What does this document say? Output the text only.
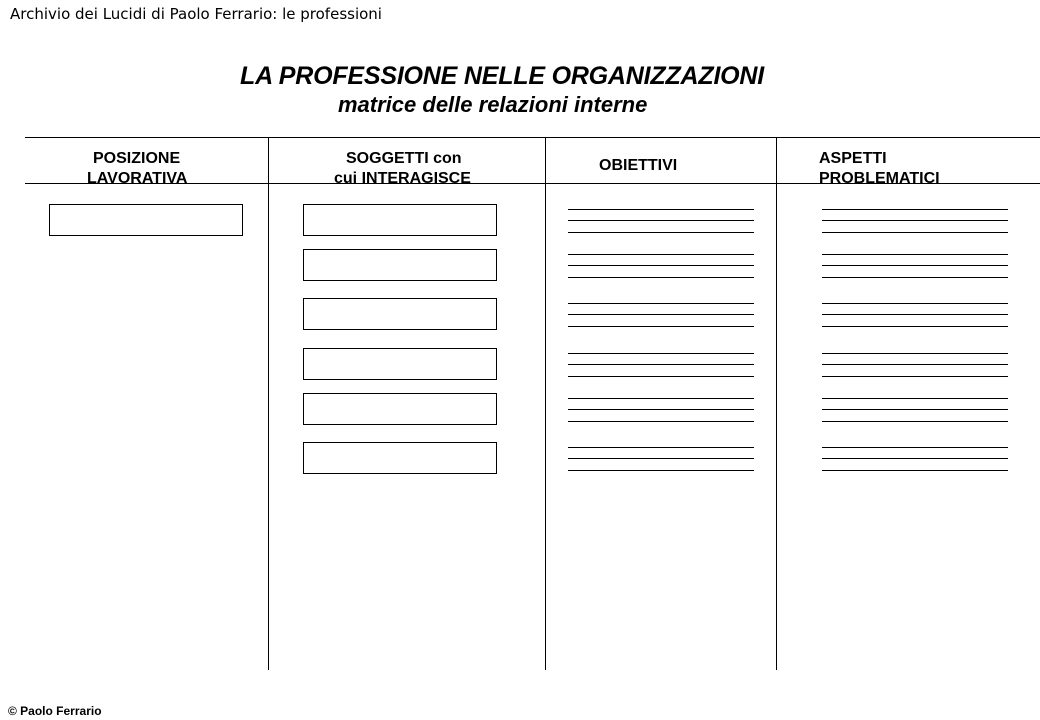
Archivio dei Lucidi di Paolo Ferrario: le professioni
LA PROFESSIONE NELLE ORGANIZZAZIONI
matrice delle relazioni interne
POSIZIONE
LAVORATIVA
SOGGETTI con
cui INTERAGISCE
OBIETTIVI	ASPETTI
PROBLEMATICI
© Paolo Ferrario
